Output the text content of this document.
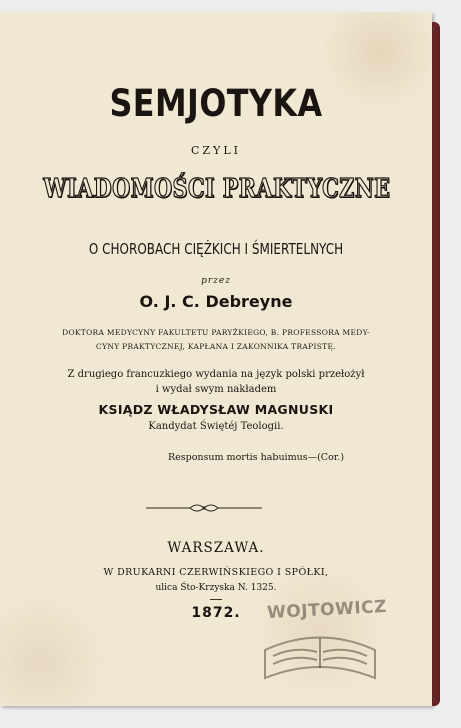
SEMJOTYKA
CZYLI
WIADOMOŚCI PRAKTYCZNE
O CHOROBACH CIĘŻKICH I ŚMIERTELNYCH
przez
O. J. C. Debreyne
DOKTORA MEDYCYNY FAKULTETU PARYŻKIEGO, B. PROFESSORA MEDY-
CYNY PRAKTYCZNEJ, KAPŁANA I ZAKONNIKA TRAPISTĘ.
Z drugiego francuzkiego wydania na język polski przełożył
i wydał swym nakładem
KSIĄDZ WŁADYSŁAW MAGNUSKI
Kandydat Świętéj Teologii.
Responsum mortis habuimus—(Cor.)
WARSZAWA.
W DRUKARNI CZERWIŃSKIEGO I SPÓŁKI,
ulica Śto-Krzyska N. 1325.
1872.	WOJTOWICZ
